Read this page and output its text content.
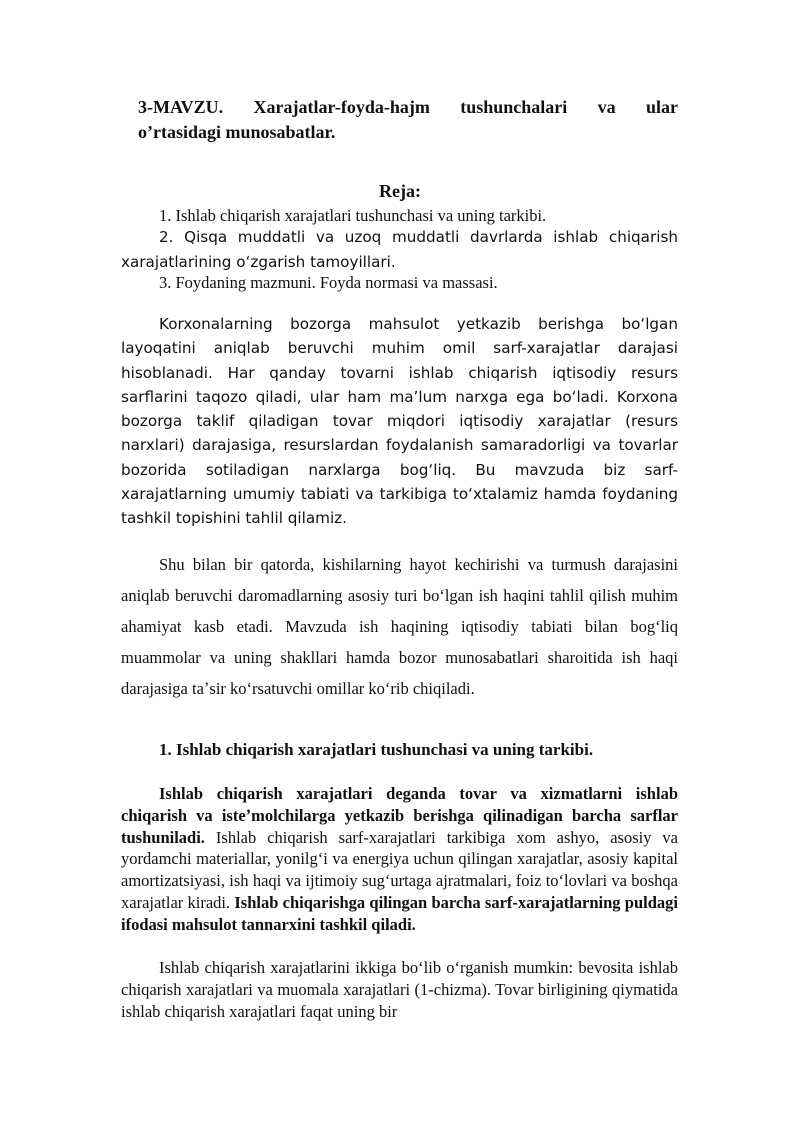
3-MAVZU. Xarajatlar-foyda-hajm tushunchalari va ular
o’rtasidagi munosabatlar.
Reja:
1. Ishlab chiqarish xarajatlari tushunchasi va uning tarkibi.
2. Qisqa muddatli va uzoq muddatli davrlarda ishlab chiqarish xarajatlarining oʻzgarish tamoyillari.
3. Foydaning mazmuni. Foyda normasi va massasi.
Korxonalarning bozorga mahsulot yetkazib berishga boʻlgan layoqatini aniqlab beruvchi muhim omil sarf-xarajatlar darajasi hisoblanadi. Har qanday tovarni ishlab chiqarish iqtisodiy resurs sarflarini taqozo qiladi, ular ham maʼlum narxga ega boʻladi. Korxona bozorga taklif qiladigan tovar miqdori iqtisodiy xarajatlar (resurs narxlari) darajasiga, resurslardan foydalanish samaradorligi va tovarlar bozorida sotiladigan narxlarga bogʻliq. Bu mavzuda biz sarf-xarajatlarning umumiy tabiati va tarkibiga toʻxtalamiz hamda foydaning tashkil topishini tahlil qilamiz.
Shu bilan bir qatorda, kishilarning hayot kechirishi va turmush darajasini aniqlab beruvchi daromadlarning asosiy turi boʻlgan ish haqini tahlil qilish muhim ahamiyat kasb etadi. Mavzuda ish haqining iqtisodiy tabiati bilan bogʻliq muammolar va uning shakllari hamda bozor munosabatlari sharoitida ish haqi darajasiga taʼsir koʻrsatuvchi omillar koʻrib chiqiladi.
1. Ishlab chiqarish xarajatlari tushunchasi va uning tarkibi.
Ishlab chiqarish xarajatlari deganda tovar va xizmatlarni ishlab chiqarish va isteʼmolchilarga yetkazib berishga qilinadigan barcha sarflar tushuniladi. Ishlab chiqarish sarf-xarajatlari tarkibiga xom ashyo, asosiy va yordamchi materiallar, yonilgʻi va energiya uchun qilingan xarajatlar, asosiy kapital amortizatsiyasi, ish haqi va ijtimoiy sugʻurtaga ajratmalari, foiz toʻlovlari va boshqa xarajatlar kiradi. Ishlab chiqarishga qilingan barcha sarf-xarajatlarning puldagi ifodasi mahsulot tannarxini tashkil qiladi.
Ishlab chiqarish xarajatlarini ikkiga boʻlib oʻrganish mumkin: bevosita ishlab chiqarish xarajatlari va muomala xarajatlari (1-chizma). Tovar birligining qiymatida ishlab chiqarish xarajatlari faqat uning bir
